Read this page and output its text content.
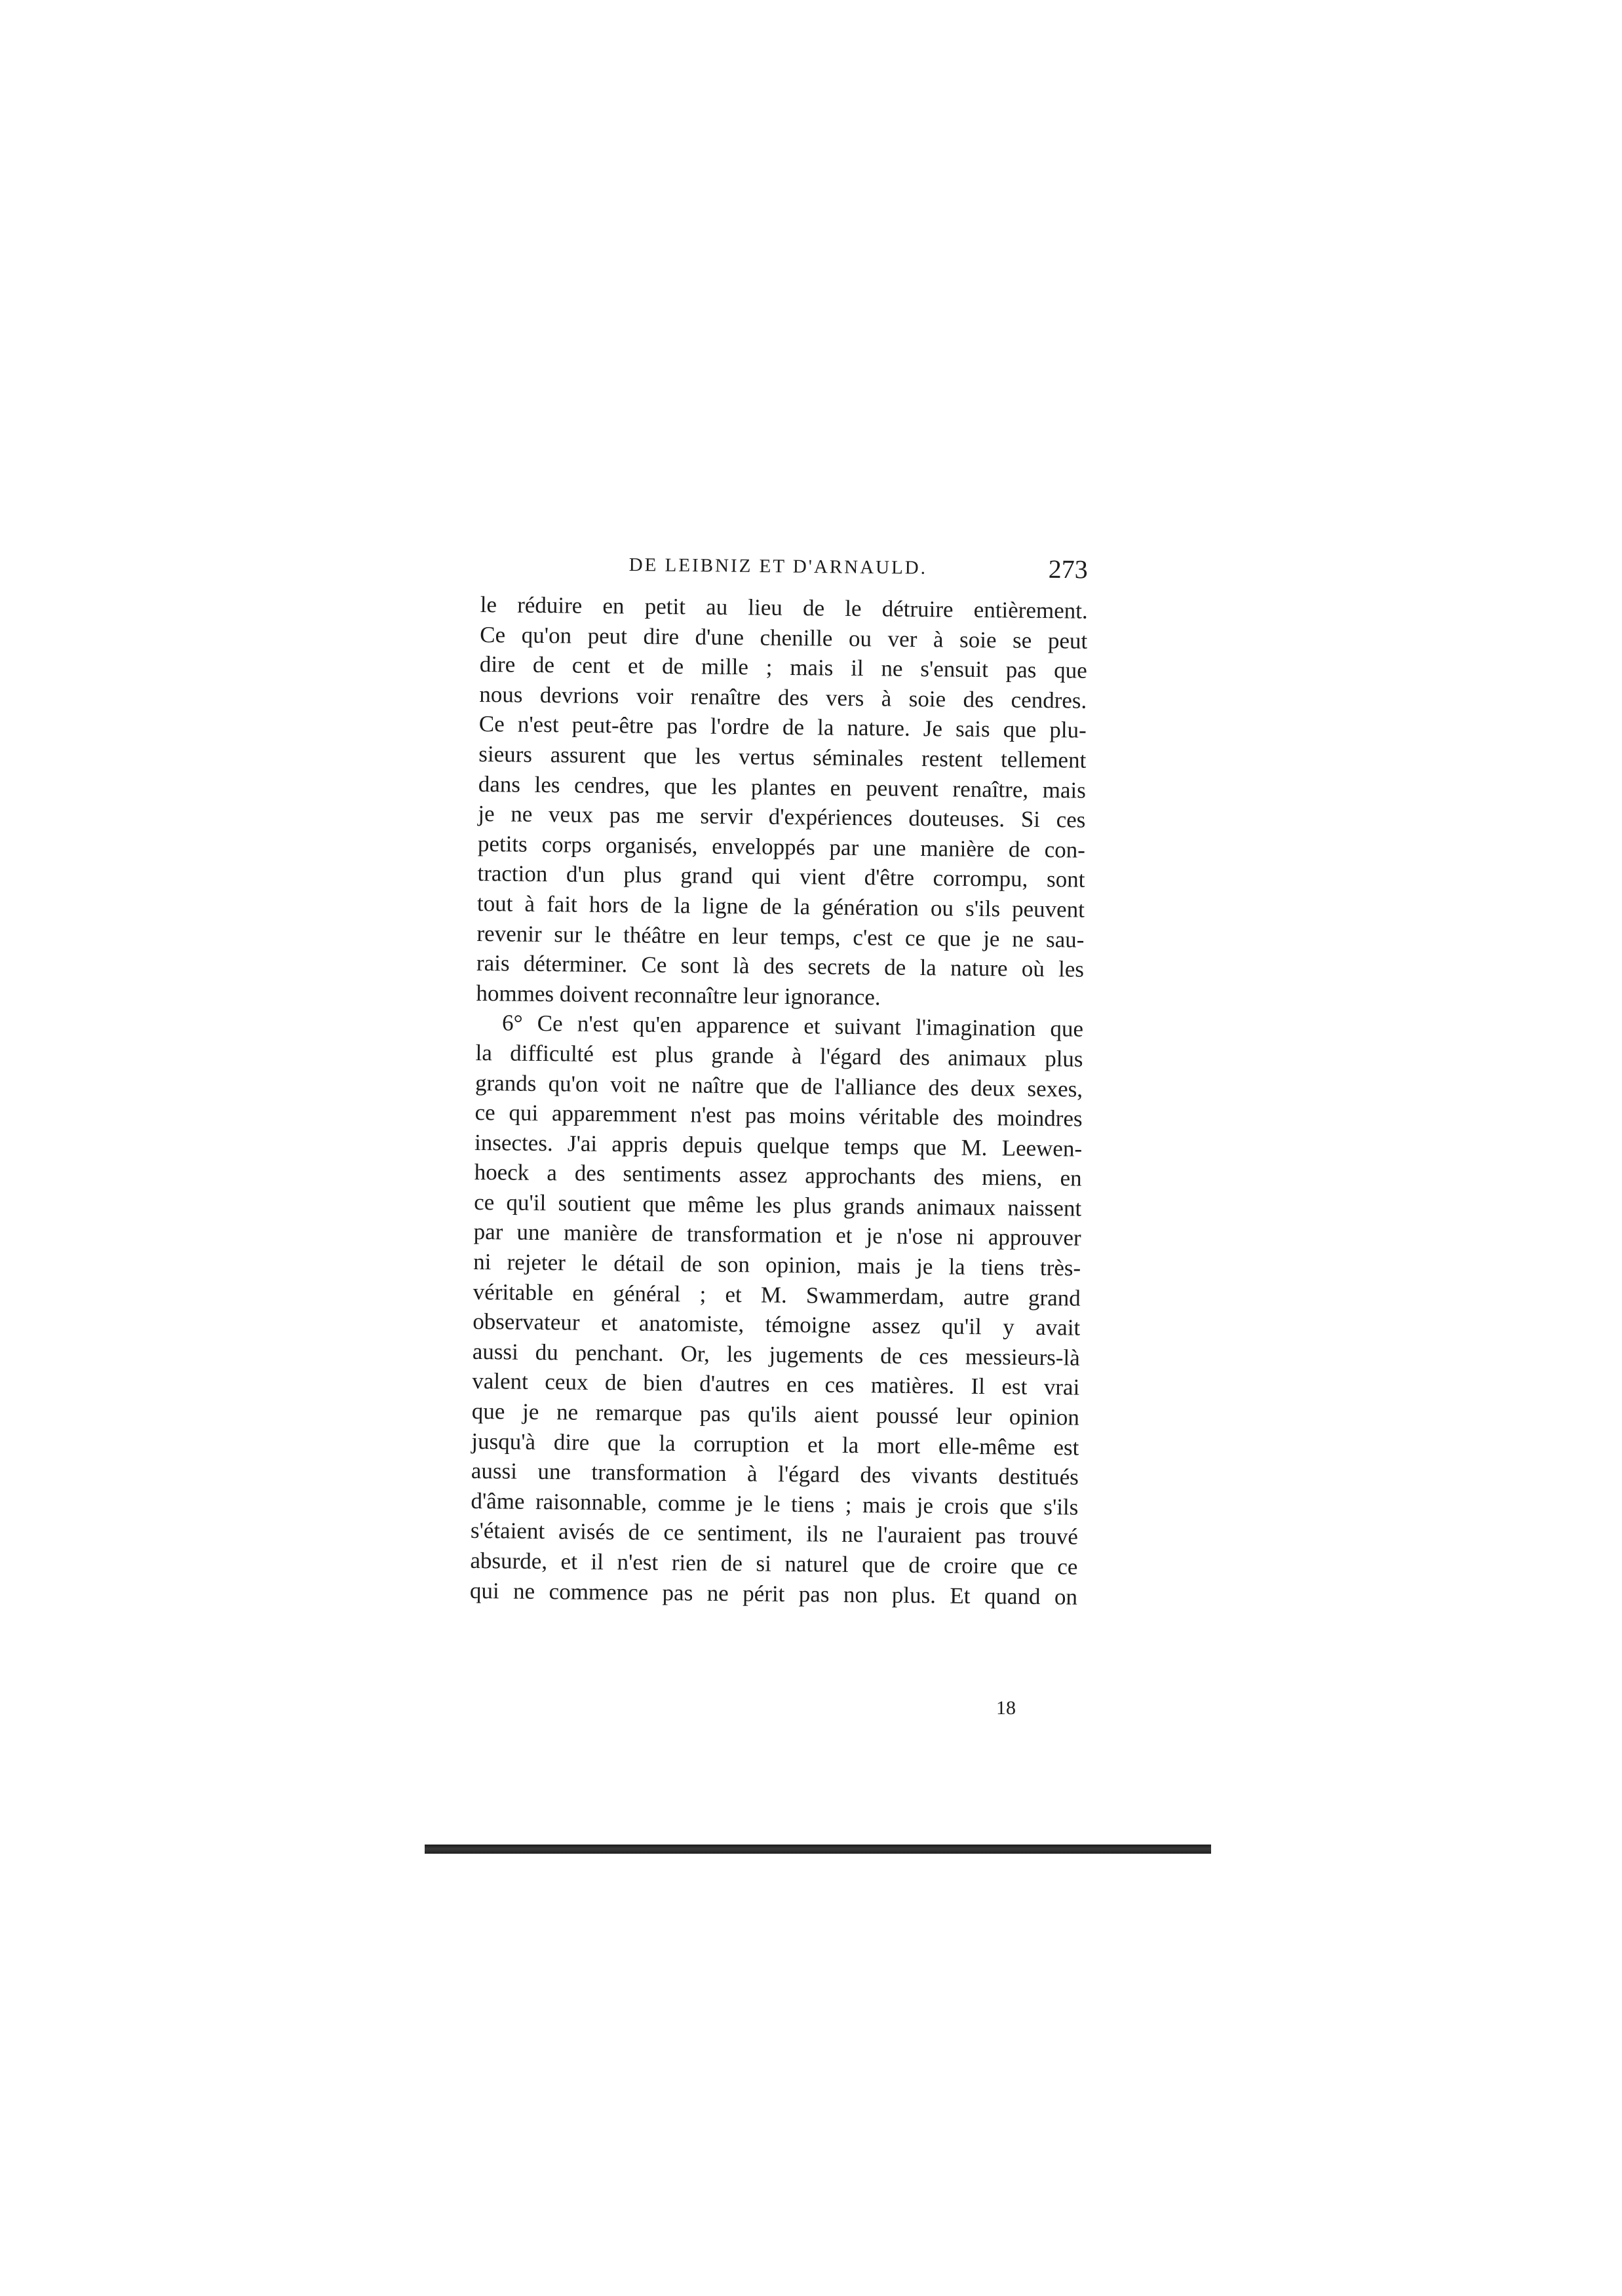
DE LEIBNIZ ET D'ARNAULD.	273
le réduire en petit au lieu de le détruire entièrement.
Ce qu'on peut dire d'une chenille ou ver à soie se peut
dire de cent et de mille ; mais il ne s'ensuit pas que
nous devrions voir renaître des vers à soie des cendres.
Ce n'est peut-être pas l'ordre de la nature. Je sais que plu-
sieurs assurent que les vertus séminales restent tellement
dans les cendres, que les plantes en peuvent renaître, mais
je ne veux pas me servir d'expériences douteuses. Si ces
petits corps organisés, enveloppés par une manière de con-
traction d'un plus grand qui vient d'être corrompu, sont
tout à fait hors de la ligne de la génération ou s'ils peuvent
revenir sur le théâtre en leur temps, c'est ce que je ne sau-
rais déterminer. Ce sont là des secrets de la nature où les
hommes doivent reconnaître leur ignorance.
6° Ce n'est qu'en apparence et suivant l'imagination que
la difficulté est plus grande à l'égard des animaux plus
grands qu'on voit ne naître que de l'alliance des deux sexes,
ce qui apparemment n'est pas moins véritable des moindres
insectes. J'ai appris depuis quelque temps que M. Leewen-
hoeck a des sentiments assez approchants des miens, en
ce qu'il soutient que même les plus grands animaux naissent
par une manière de transformation et je n'ose ni approuver
ni rejeter le détail de son opinion, mais je la tiens très-
véritable en général ; et M. Swammerdam, autre grand
observateur et anatomiste, témoigne assez qu'il y avait
aussi du penchant. Or, les jugements de ces messieurs-là
valent ceux de bien d'autres en ces matières. Il est vrai
que je ne remarque pas qu'ils aient poussé leur opinion
jusqu'à dire que la corruption et la mort elle-même est
aussi une transformation à l'égard des vivants destitués
d'âme raisonnable, comme je le tiens ; mais je crois que s'ils
s'étaient avisés de ce sentiment, ils ne l'auraient pas trouvé
absurde, et il n'est rien de si naturel que de croire que ce
qui ne commence pas ne périt pas non plus. Et quand on
18
